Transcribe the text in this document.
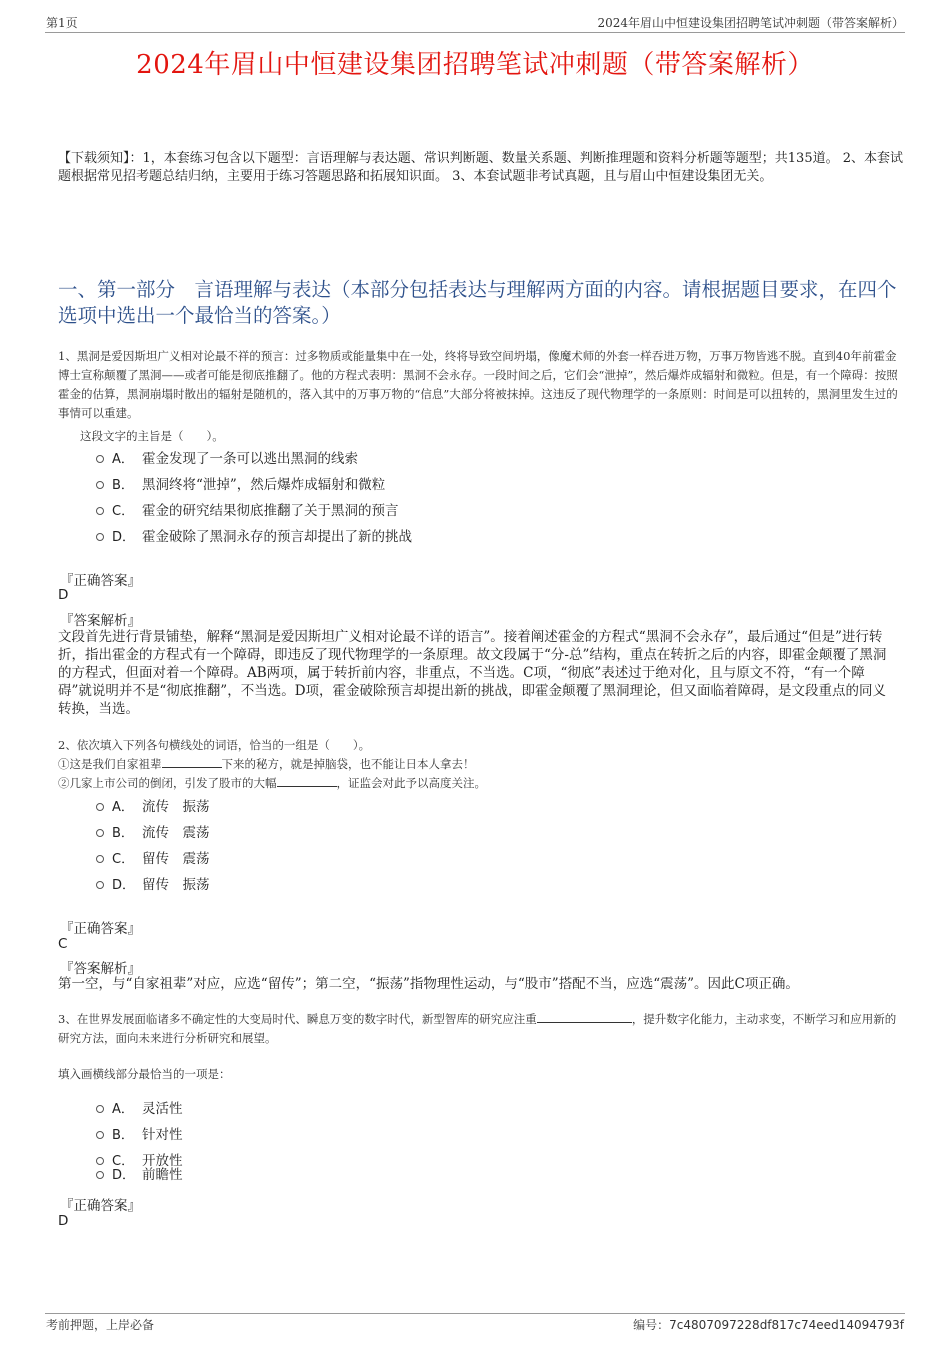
第1页	2024年眉山中恒建设集团招聘笔试冲刺题（带答案解析）
2024年眉山中恒建设集团招聘笔试冲刺题（带答案解析）
【下载须知】：1，本套练习包含以下题型：言语理解与表达题、常识判断题、数量关系题、判断推理题和资料分析题等题型；共135道。 2、本套试题根据常见招考题总结归纳，主要用于练习答题思路和拓展知识面。 3、本套试题非考试真题，且与眉山中恒建设集团无关。
一、第一部分　言语理解与表达（本部分包括表达与理解两方面的内容。请根据题目要求，在四个选项中选出一个最恰当的答案。）
1、黑洞是爱因斯坦广义相对论最不祥的预言：过多物质或能量集中在一处，终将导致空间坍塌，像魔术师的外套一样吞进万物，万事万物皆逃不脱。直到40年前霍金博士宣称颠覆了黑洞——或者可能是彻底推翻了。他的方程式表明：黑洞不会永存。一段时间之后，它们会“泄掉”，然后爆炸成辐射和微粒。但是，有一个障碍：按照霍金的估算，黑洞崩塌时散出的辐射是随机的，落入其中的万事万物的“信息”大部分将被抹掉。这违反了现代物理学的一条原则：时间是可以扭转的，黑洞里发生过的事情可以重建。
这段文字的主旨是（　　）。
A． 霍金发现了一条可以逃出黑洞的线索
B． 黑洞终将“泄掉”，然后爆炸成辐射和微粒
C． 霍金的研究结果彻底推翻了关于黑洞的预言
D． 霍金破除了黑洞永存的预言却提出了新的挑战
『正确答案』
D
『答案解析』
文段首先进行背景铺垫，解释“黑洞是爱因斯坦广义相对论最不详的语言”。接着阐述霍金的方程式“黑洞不会永存”，最后通过“但是”进行转折，指出霍金的方程式有一个障碍，即违反了现代物理学的一条原理。故文段属于“分-总”结构，重点在转折之后的内容，即霍金颠覆了黑洞的方程式，但面对着一个障碍。AB两项，属于转折前内容，非重点，不当选。C项，“彻底”表述过于绝对化，且与原文不符，“有一个障碍”就说明并不是“彻底推翻”，不当选。D项，霍金破除预言却提出新的挑战，即霍金颠覆了黑洞理论，但又面临着障碍，是文段重点的同义转换，当选。
2、依次填入下列各句横线处的词语，恰当的一组是（　　）。
①这是我们自家祖辈	下来的秘方，就是掉脑袋，也不能让日本人拿去！
②几家上市公司的倒闭，引发了股市的大幅	，证监会对此予以高度关注。
A． 流传　振荡
B． 流传　震荡
C． 留传　震荡
D． 留传　振荡
『正确答案』
C
『答案解析』
第一空，与“自家祖辈”对应，应选“留传”；第二空，“振荡”指物理性运动，与“股市”搭配不当，应选“震荡”。因此C项正确。
3、在世界发展面临诸多不确定性的大变局时代、瞬息万变的数字时代，新型智库的研究应注重	，提升数字化能力，主动求变，不断学习和应用新的研究方法，面向未来进行分析研究和展望。
填入画横线部分最恰当的一项是：
A． 灵活性
B． 针对性
C． 开放性
D． 前瞻性
『正确答案』
D
考前押题，上岸必备	编号：7c4807097228df817c74eed14094793f
